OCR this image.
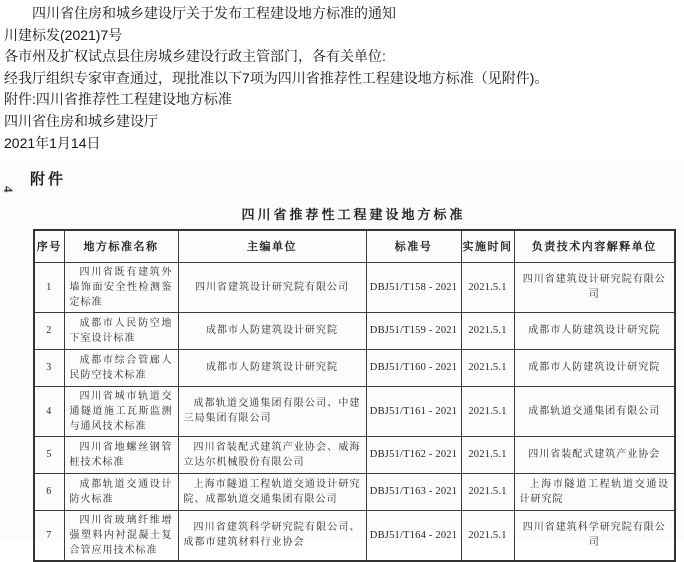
四川省住房和城乡建设厅关于发布工程建设地方标准的通知
川建标发(2021)7号
各市州及扩权试点县住房城乡建设行政主管部门，各有关单位:
经我厅组织专家审查通过，现批准以下7项为四川省推荐性工程建设地方标准（见附件)。
附件:四川省推荐性工程建设地方标准
四川省住房和城乡建设厅
2021年1月14日
4
附件
四川省推荐性工程建设地方标准
序号	地方标准名称	主编单位	标准号	实施时间	负责技术内容解释单位
1	四川省既有建筑外墙饰面安全性检测鉴定标准	四川省建筑设计研究院有限公司	DBJ51/T158 - 2021	2021.5.1	四川省建筑设计研究院有限公司
2	成都市人民防空地下室设计标准	成都市人防建筑设计研究院	DBJ51/T159 - 2021	2021.5.1	成都市人防建筑设计研究院
3	成都市综合管廊人民防空技术标准	成都市人防建筑设计研究院	DBJ51/T160 - 2021	2021.5.1	成都市人防建筑设计研究院
4	四川省城市轨道交通隧道施工瓦斯监测与通风技术标准	成都轨道交通集团有限公司、中建三局集团有限公司	DBJ51/T161 - 2021	2021.5.1	成都轨道交通集团有限公司
5	四川省地螺丝钢管桩技术标准	四川省装配式建筑产业协会、威海立达尔机械股份有限公司	DBJ51/T162 - 2021	2021.5.1	四川省装配式建筑产业协会
6	成都轨道交通设计防火标准	上海市隧道工程轨道交通设计研究院、成都轨道交通集团有限公司	DBJ51/T163 - 2021	2021.5.1	上海市隧道工程轨道交通设计研究院
7	四川省玻璃纤维增强塑料内衬混凝土复合管应用技术标准	四川省建筑科学研究院有限公司、成都市建筑材料行业协会	DBJ51/T164 - 2021	2021.5.1	四川省建筑科学研究院有限公司
